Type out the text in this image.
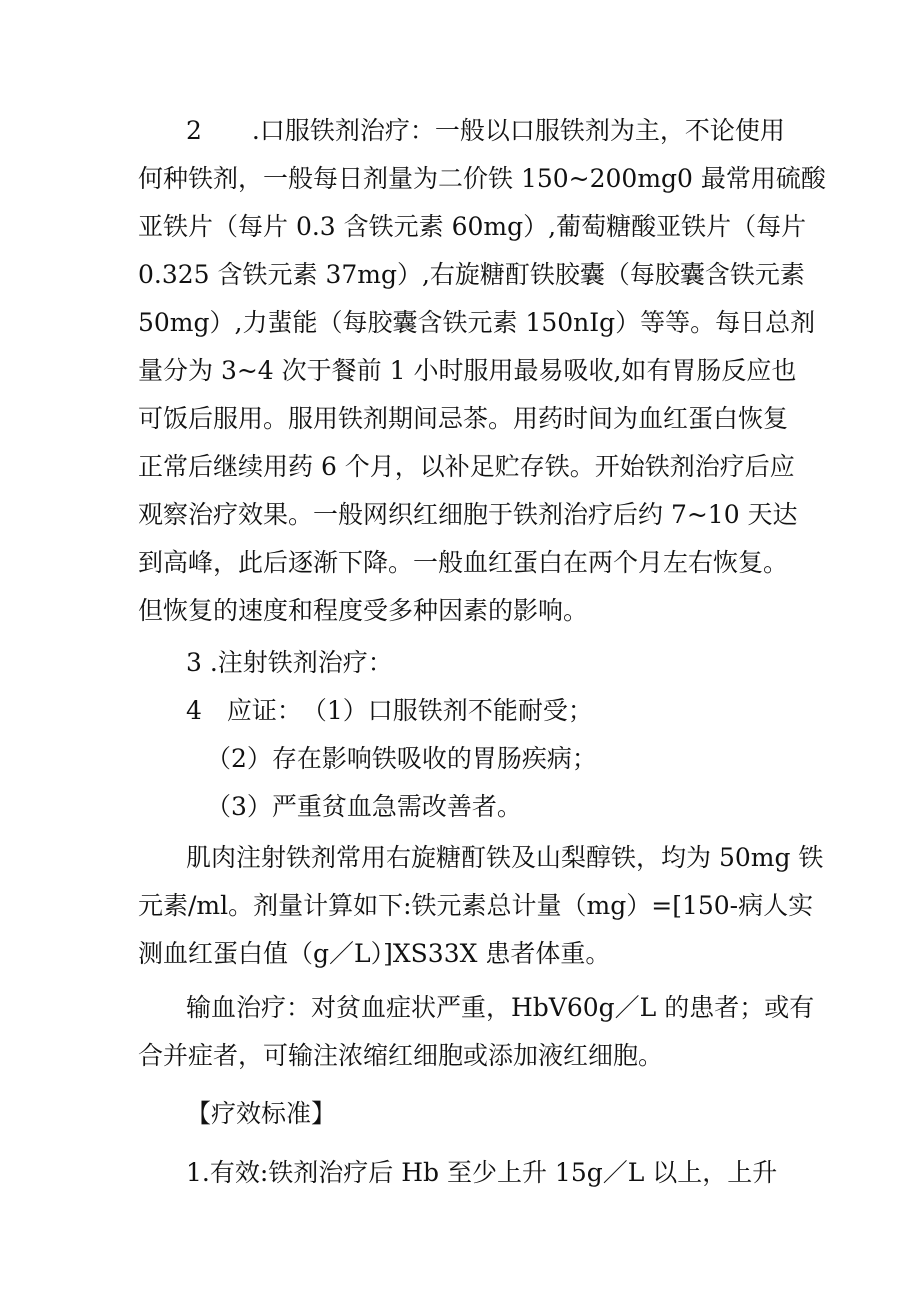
2　　.口服铁剂治疗：一般以口服铁剂为主，不论使用
何种铁剂，一般每日剂量为二价铁 150~200mg0 最常用硫酸
亚铁片（每片 0.3 含铁元素 60mg）,葡萄糖酸亚铁片（每片
0.325 含铁元素 37mg）,右旋糖酊铁胶囊（每胶囊含铁元素
50mg）,力蜚能（每胶囊含铁元素 150nIg）等等。每日总剂
量分为 3~4 次于餐前 1 小时服用最易吸收,如有胃肠反应也
可饭后服用。服用铁剂期间忌茶。用药时间为血红蛋白恢复
正常后继续用药 6 个月，以补足贮存铁。开始铁剂治疗后应
观察治疗效果。一般网织红细胞于铁剂治疗后约 7~10 天达
到高峰，此后逐渐下降。一般血红蛋白在两个月左右恢复。
但恢复的速度和程度受多种因素的影响。
3 .注射铁剂治疗：
4　应证：　（1）口服铁剂不能耐受；
（2）存在影响铁吸收的胃肠疾病；
（3）严重贫血急需改善者。
肌肉注射铁剂常用右旋糖酊铁及山梨醇铁，均为 50mg 铁
元素/ml。剂量计算如下:铁元素总计量（mg）=[150-病人实
测血红蛋白值（g／L）]XS33X 患者体重。
输血治疗：对贫血症状严重，HbV60g／L 的患者；或有
合并症者，可输注浓缩红细胞或添加液红细胞。
【疗效标准】
1.有效:铁剂治疗后 Hb 至少上升 15g／L 以上，上升
